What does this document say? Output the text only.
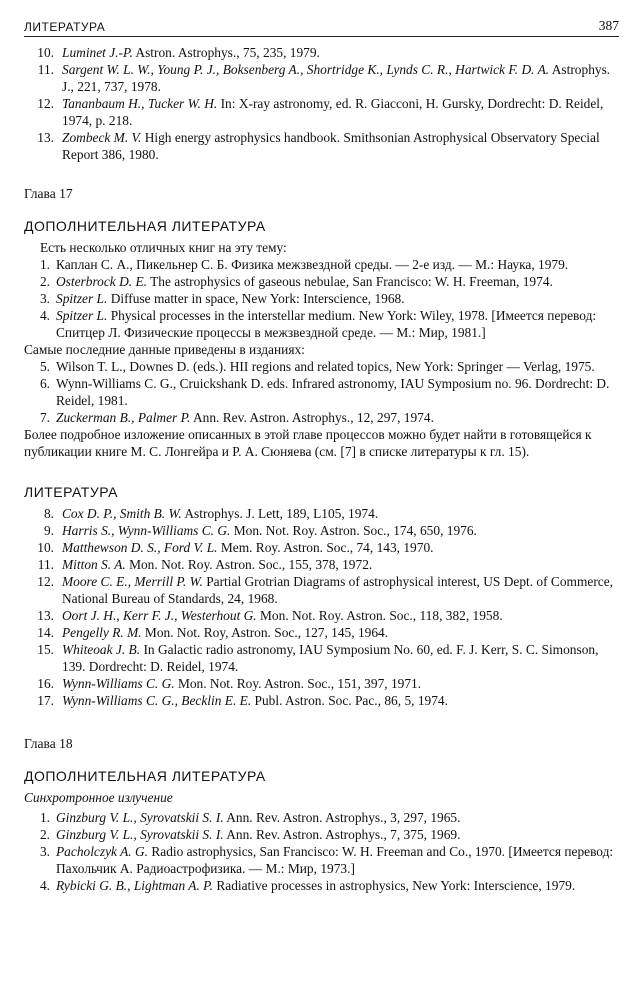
ЛИТЕРАТУРА	387
10. Luminet J.-P. Astron. Astrophys., 75, 235, 1979.
11. Sargent W. L. W., Young P. J., Boksenberg A., Shortridge K., Lynds C. R., Hartwick F. D. A. Astrophys. J., 221, 737, 1978.
12. Tananbaum H., Tucker W. H. In: X-ray astronomy, ed. R. Giacconi, H. Gursky, Dordrecht: D. Reidel, 1974, p. 218.
13. Zombeck M. V. High energy astrophysics handbook. Smithsonian Astrophysical Observatory Special Report 386, 1980.
Глава 17
ДОПОЛНИТЕЛЬНАЯ ЛИТЕРАТУРА
Есть несколько отличных книг на эту тему:
1. Каплан С. А., Пикельнер С. Б. Физика межзвездной среды. — 2-е изд. — М.: Наука, 1979.
2. Osterbrock D. E. The astrophysics of gaseous nebulae, San Francisco: W. H. Freeman, 1974.
3. Spitzer L. Diffuse matter in space, New York: Interscience, 1968.
4. Spitzer L. Physical processes in the interstellar medium. New York: Wiley, 1978. [Имеется перевод: Спитцер Л. Физические процессы в межзвездной среде. — М.: Мир, 1981.]
Самые последние данные приведены в изданиях:
5. Wilson T. L., Downes D. (eds.). HII regions and related topics, New York: Springer — Verlag, 1975.
6. Wynn-Williams C. G., Cruickshank D. eds. Infrared astronomy, IAU Symposium no. 96. Dordrecht: D. Reidel, 1981.
7. Zuckerman B., Palmer P. Ann. Rev. Astron. Astrophys., 12, 297, 1974.
Более подробное изложение описанных в этой главе процессов можно будет найти в готовящейся к публикации книге М. С. Лонгейра и Р. А. Сюняева (см. [7] в списке литературы к гл. 15).
ЛИТЕРАТУРА
8. Cox D. P., Smith B. W. Astrophys. J. Lett, 189, L105, 1974.
9. Harris S., Wynn-Williams C. G. Mon. Not. Roy. Astron. Soc., 174, 650, 1976.
10. Matthewson D. S., Ford V. L. Mem. Roy. Astron. Soc., 74, 143, 1970.
11. Mitton S. A. Mon. Not. Roy. Astron. Soc., 155, 378, 1972.
12. Moore C. E., Merrill P. W. Partial Grotrian Diagrams of astrophysical interest, US Dept. of Commerce, National Bureau of Standards, 24, 1968.
13. Oort J. H., Kerr F. J., Westerhout G. Mon. Not. Roy. Astron. Soc., 118, 382, 1958.
14. Pengelly R. M. Mon. Not. Roy, Astron. Soc., 127, 145, 1964.
15. Whiteoak J. B. In Galactic radio astronomy, IAU Symposium No. 60, ed. F. J. Kerr, S. C. Simonson, 139. Dordrecht: D. Reidel, 1974.
16. Wynn-Williams C. G. Mon. Not. Roy. Astron. Soc., 151, 397, 1971.
17. Wynn-Williams C. G., Becklin E. E. Publ. Astron. Soc. Pac., 86, 5, 1974.
Глава 18
ДОПОЛНИТЕЛЬНАЯ ЛИТЕРАТУРА
Синхротронное излучение
1. Ginzburg V. L., Syrovatskii S. I. Ann. Rev. Astron. Astrophys., 3, 297, 1965.
2. Ginzburg V. L., Syrovatskii S. I. Ann. Rev. Astron. Astrophys., 7, 375, 1969.
3. Pacholczyk A. G. Radio astrophysics, San Francisco: W. H. Freeman and Co., 1970. [Имеется перевод: Пахольчик А. Радиоастрофизика. — М.: Мир, 1973.]
4. Rybicki G. B., Lightman A. P. Radiative processes in astrophysics, New York: Interscience, 1979.
